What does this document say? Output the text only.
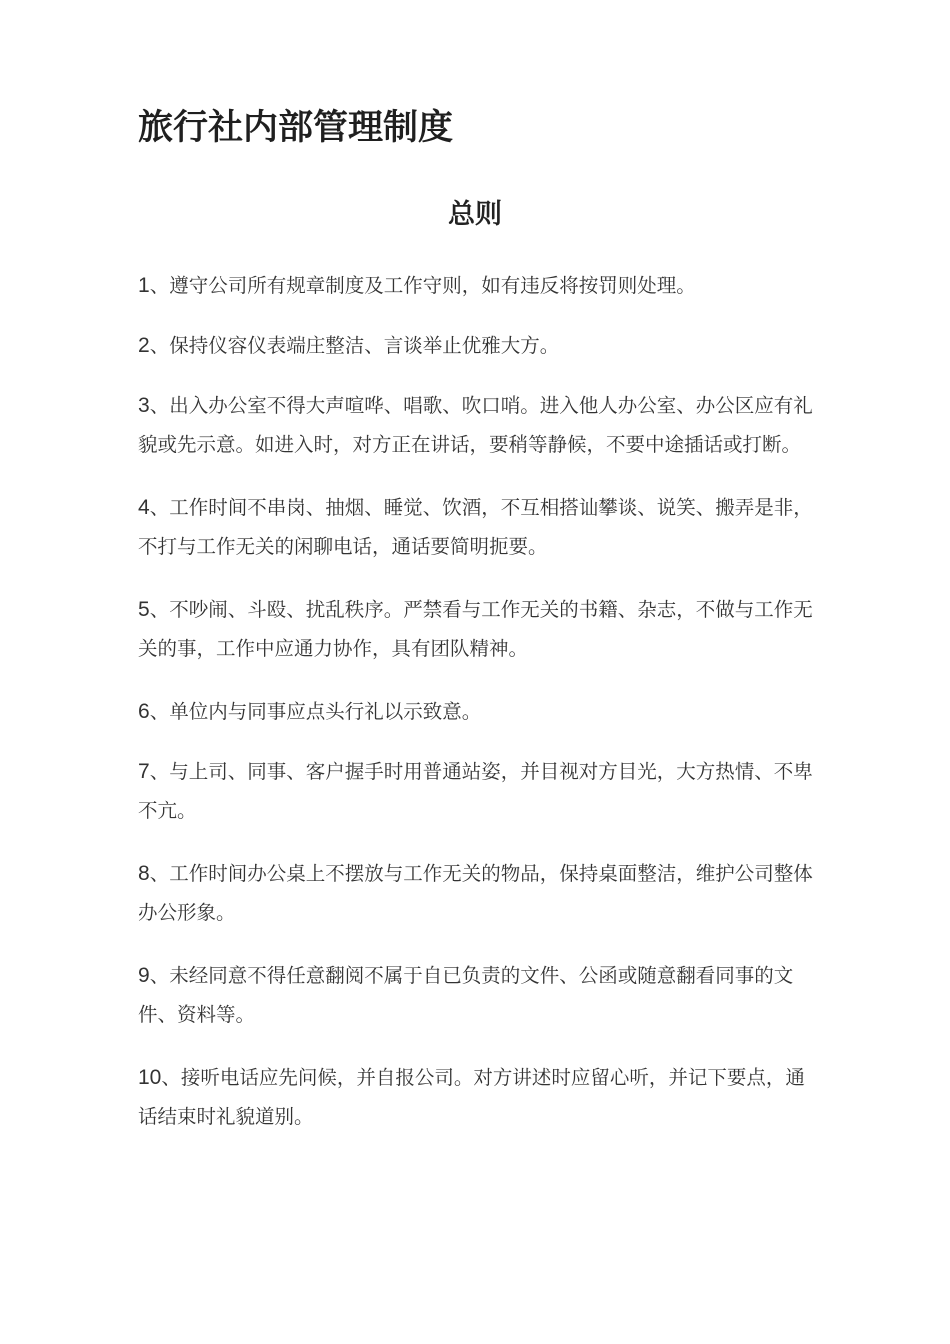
旅行社内部管理制度
总则
1、遵守公司所有规章制度及工作守则，如有违反将按罚则处理。
2、保持仪容仪表端庄整洁、言谈举止优雅大方。
3、出入办公室不得大声喧哗、唱歌、吹口哨。进入他人办公室、办公区应有礼貌或先示意。如进入时，对方正在讲话，要稍等静候，不要中途插话或打断。
4、工作时间不串岗、抽烟、睡觉、饮酒，不互相搭讪攀谈、说笑、搬弄是非，不打与工作无关的闲聊电话，通话要简明扼要。
5、不吵闹、斗殴、扰乱秩序。严禁看与工作无关的书籍、杂志，不做与工作无关的事，工作中应通力协作，具有团队精神。
6、单位内与同事应点头行礼以示致意。
7、与上司、同事、客户握手时用普通站姿，并目视对方目光，大方热情、不卑不亢。
8、工作时间办公桌上不摆放与工作无关的物品，保持桌面整洁，维护公司整体办公形象。
9、未经同意不得任意翻阅不属于自已负责的文件、公函或随意翻看同事的文件、资料等。
10、接听电话应先问候，并自报公司。对方讲述时应留心听，并记下要点，通话结束时礼貌道别。
